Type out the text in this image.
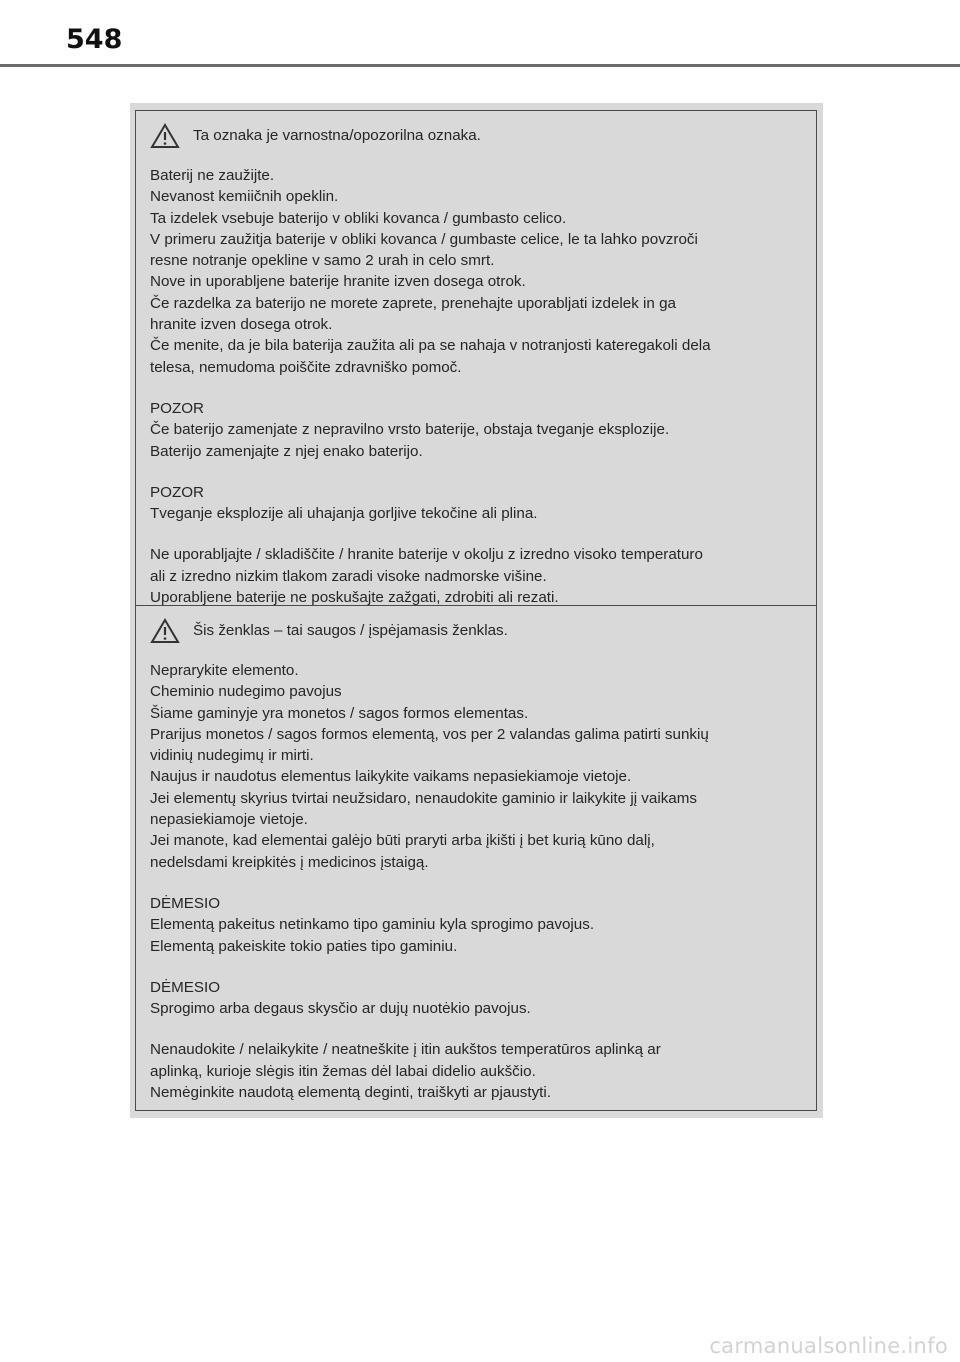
548
Ta oznaka je varnostna/opozorilna oznaka.
Baterij ne zaužijte.
Nevanost kemiičnih opeklin.
Ta izdelek vsebuje baterijo v obliki kovanca / gumbasto celico.
V primeru zaužitja baterije v obliki kovanca / gumbaste celice, le ta lahko povzroči
resne notranje opekline v samo 2 urah in celo smrt.
Nove in uporabljene baterije hranite izven dosega otrok.
Če razdelka za baterijo ne morete zaprete, prenehajte uporabljati izdelek in ga
hranite izven dosega otrok.
Če menite, da je bila baterija zaužita ali pa se nahaja v notranjosti kateregakoli dela
telesa, nemudoma poiščite zdravniško pomoč.
POZOR
Če baterijo zamenjate z nepravilno vrsto baterije, obstaja tveganje eksplozije.
Baterijo zamenjajte z njej enako baterijo.
POZOR
Tveganje eksplozije ali uhajanja gorljive tekočine ali plina.
Ne uporabljajte / skladiščite / hranite baterije v okolju z izredno visoko temperaturo
ali z izredno nizkim tlakom zaradi visoke nadmorske višine.
Uporabljene baterije ne poskušajte zažgati, zdrobiti ali rezati.
Šis ženklas – tai saugos / įspėjamasis ženklas.
Neprarykite elemento.
Cheminio nudegimo pavojus
Šiame gaminyje yra monetos / sagos formos elementas.
Prarijus monetos / sagos formos elementą, vos per 2 valandas galima patirti sunkių
vidinių nudegimų ir mirti.
Naujus ir naudotus elementus laikykite vaikams nepasiekiamoje vietoje.
Jei elementų skyrius tvirtai neužsidaro, nenaudokite gaminio ir laikykite jį vaikams
nepasiekiamoje vietoje.
Jei manote, kad elementai galėjo būti praryti arba įkišti į bet kurią kūno dalį,
nedelsdami kreipkitės į medicinos įstaigą.
DĖMESIO
Elementą pakeitus netinkamo tipo gaminiu kyla sprogimo pavojus.
Elementą pakeiskite tokio paties tipo gaminiu.
DĖMESIO
Sprogimo arba degaus skysčio ar dujų nuotėkio pavojus.
Nenaudokite / nelaikykite / neatneškite į itin aukštos temperatūros aplinką ar
aplinką, kurioje slėgis itin žemas dėl labai didelio aukščio.
Nemėginkite naudotą elementą deginti, traiškyti ar pjaustyti.
carmanualsonline.info
